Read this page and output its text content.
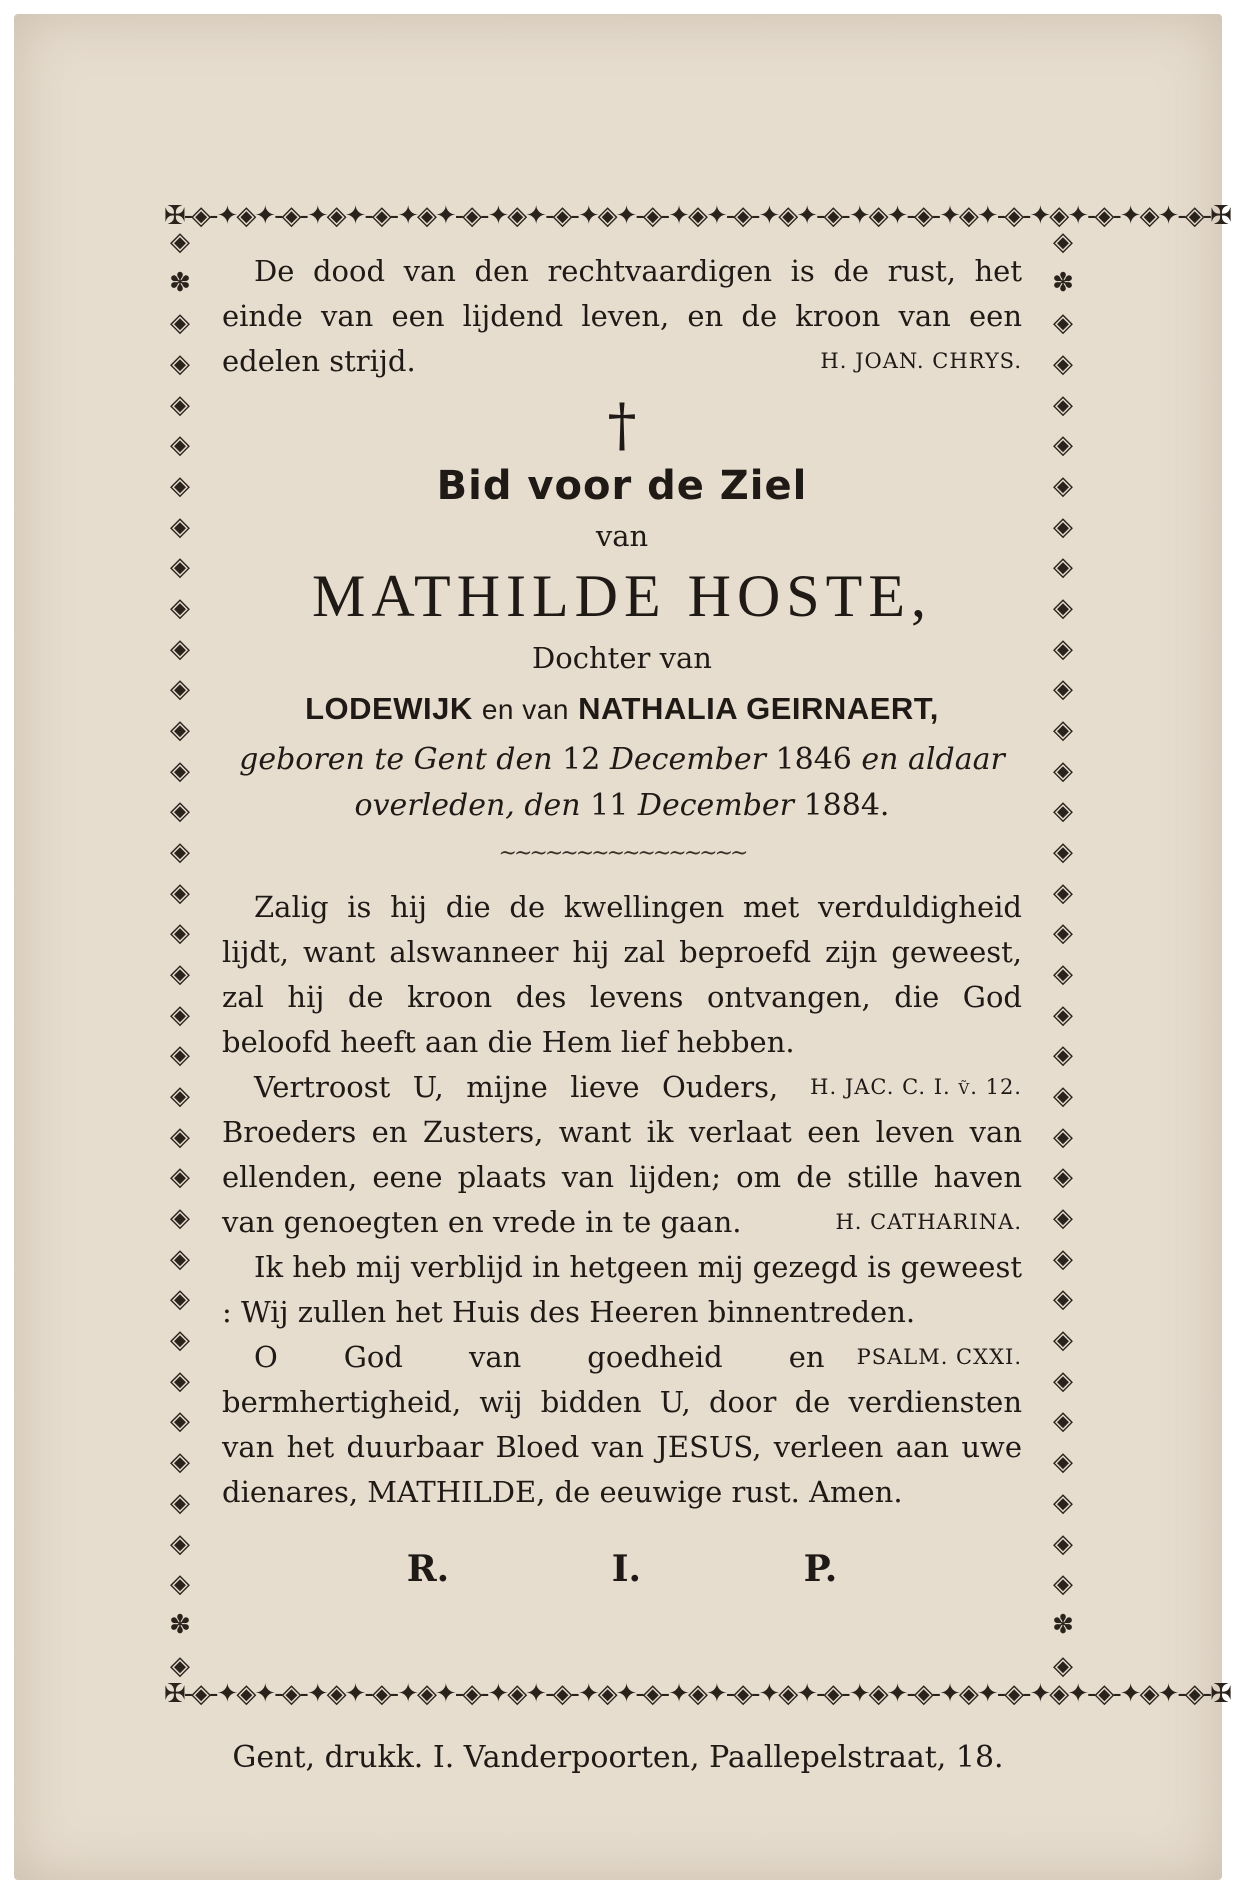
✠-◈-✦◈✦-◈-✦◈✦-◈-✦◈✦-◈-✦◈✦-◈-✦◈✦-◈-✦◈✦-◈-✦◈✦-◈-✦◈✦-◈-✦◈✦-◈-✦◈✦-◈-✦◈✦-◈-✠
◈
✽
◈
◈
◈
◈
◈
◈
◈
◈
◈
◈
◈
◈
◈
◈
◈
◈
◈
◈
◈
◈
◈
◈
◈
◈
◈
◈
◈
◈
◈
◈
◈
◈
✽
◈
◈
✽
◈
◈
◈
◈
◈
◈
◈
◈
◈
◈
◈
◈
◈
◈
◈
◈
◈
◈
◈
◈
◈
◈
◈
◈
◈
◈
◈
◈
◈
◈
◈
◈
✽
◈
✠-◈-✦◈✦-◈-✦◈✦-◈-✦◈✦-◈-✦◈✦-◈-✦◈✦-◈-✦◈✦-◈-✦◈✦-◈-✦◈✦-◈-✦◈✦-◈-✦◈✦-◈-✦◈✦-◈-✠

De dood van den rechtvaardigen is de rust, het einde van een lijdend leven, en de kroon van een edelen strijd.	H. JOAN. CHRYS.

†
Bid voor de Ziel
van
MATHILDE HOSTE,
Dochter van
LODEWIJK en van NATHALIA GEIRNAERT,
geboren te Gent den 12 December 1846 en aldaar
overleden, den 11 December 1884.
~~~~~~~~~~~~~~~~

Zalig is hij die de kwellingen met verduldigheid lijdt, want alswanneer hij zal beproefd zijn geweest, zal hij de kroon des levens ontvangen, die God beloofd heeft aan die Hem lief hebben.
H. JAC. C. I. ṽ. 12.

Vertroost U, mijne lieve Ouders, Broeders en Zusters, want ik verlaat een leven van ellenden, eene plaats van lijden; om de stille haven van genoegten en vrede in te gaan.	H. CATHARINA.

Ik heb mij verblijd in hetgeen mij gezegd is geweest : Wij zullen het Huis des Heeren binnentreden.
PSALM. CXXI.

O God van goedheid en bermhertigheid, wij bidden U, door de verdiensten van het duurbaar Bloed van JESUS, verleen aan uwe dienares, MATHILDE, de eeuwige rust. Amen.

R. I. P.
Gent, drukk. I. Vanderpoorten, Paallepelstraat, 18.
